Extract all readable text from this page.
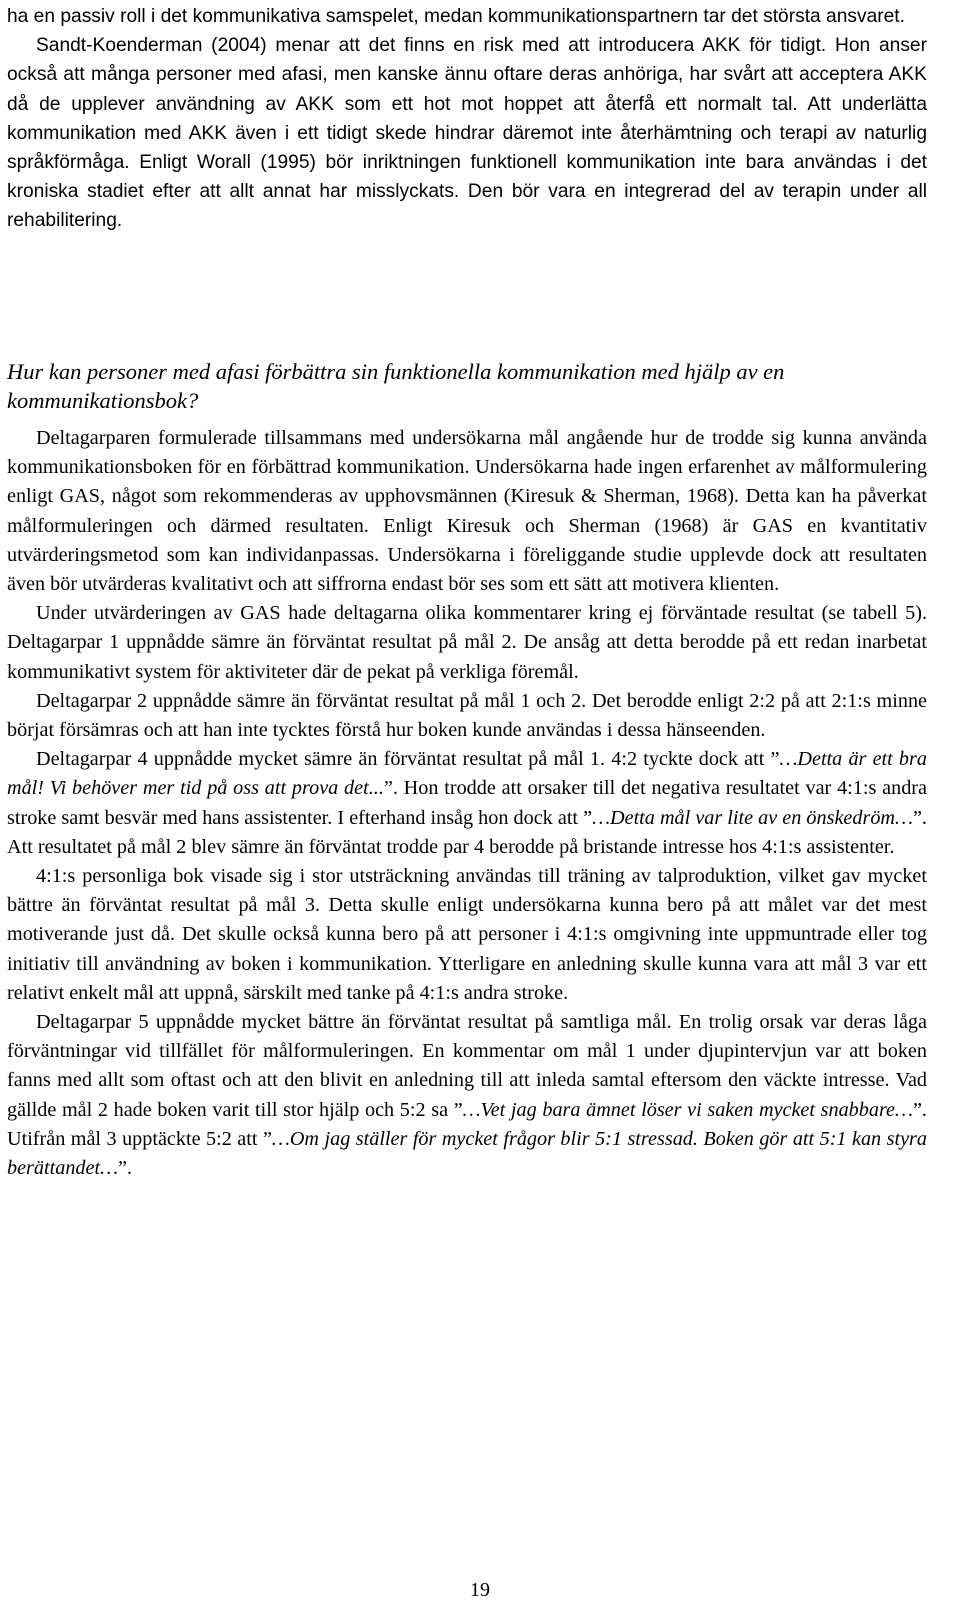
ha en passiv roll i det kommunikativa samspelet, medan kommunikationspartnern tar det största ansvaret.

Sandt-Koenderman (2004) menar att det finns en risk med att introducera AKK för tidigt. Hon anser också att många personer med afasi, men kanske ännu oftare deras anhöriga, har svårt att acceptera AKK då de upplever användning av AKK som ett hot mot hoppet att återfå ett normalt tal. Att underlätta kommunikation med AKK även i ett tidigt skede hindrar däremot inte återhämtning och terapi av naturlig språkförmåga. Enligt Worall (1995) bör inriktningen funktionell kommunikation inte bara användas i det kroniska stadiet efter att allt annat har misslyckats. Den bör vara en integrerad del av terapin under all rehabilitering.

Hur kan personer med afasi förbättra sin funktionella kommunikation med hjälp av en kommunikationsbok?

Deltagarparen formulerade tillsammans med undersökarna mål angående hur de trodde sig kunna använda kommunikationsboken för en förbättrad kommunikation. Undersökarna hade ingen erfarenhet av målformulering enligt GAS, något som rekommenderas av upphovsmännen (Kiresuk & Sherman, 1968). Detta kan ha påverkat målformuleringen och därmed resultaten. Enligt Kiresuk och Sherman (1968) är GAS en kvantitativ utvärderingsmetod som kan individanpassas. Undersökarna i föreliggande studie upplevde dock att resultaten även bör utvärderas kvalitativt och att siffrorna endast bör ses som ett sätt att motivera klienten.

Under utvärderingen av GAS hade deltagarna olika kommentarer kring ej förväntade resultat (se tabell 5). Deltagarpar 1 uppnådde sämre än förväntat resultat på mål 2. De ansåg att detta berodde på ett redan inarbetat kommunikativt system för aktiviteter där de pekat på verkliga föremål.

Deltagarpar 2 uppnådde sämre än förväntat resultat på mål 1 och 2. Det berodde enligt 2:2 på att 2:1:s minne börjat försämras och att han inte tycktes förstå hur boken kunde användas i dessa hänseenden.

Deltagarpar 4 uppnådde mycket sämre än förväntat resultat på mål 1. 4:2 tyckte dock att ”…Detta är ett bra mål! Vi behöver mer tid på oss att prova det...”. Hon trodde att orsaker till det negativa resultatet var 4:1:s andra stroke samt besvär med hans assistenter. I efterhand insåg hon dock att ”…Detta mål var lite av en önskedröm…”. Att resultatet på mål 2 blev sämre än förväntat trodde par 4 berodde på bristande intresse hos 4:1:s assistenter.

4:1:s personliga bok visade sig i stor utsträckning användas till träning av talproduktion, vilket gav mycket bättre än förväntat resultat på mål 3. Detta skulle enligt undersökarna kunna bero på att målet var det mest motiverande just då. Det skulle också kunna bero på att personer i 4:1:s omgivning inte uppmuntrade eller tog initiativ till användning av boken i kommunikation. Ytterligare en anledning skulle kunna vara att mål 3 var ett relativt enkelt mål att uppnå, särskilt med tanke på 4:1:s andra stroke.

Deltagarpar 5 uppnådde mycket bättre än förväntat resultat på samtliga mål. En trolig orsak var deras låga förväntningar vid tillfället för målformuleringen. En kommentar om mål 1 under djupintervjun var att boken fanns med allt som oftast och att den blivit en anledning till att inleda samtal eftersom den väckte intresse. Vad gällde mål 2 hade boken varit till stor hjälp och 5:2 sa ”…Vet jag bara ämnet löser vi saken mycket snabbare…”. Utifrån mål 3 upptäckte 5:2 att ”…Om jag ställer för mycket frågor blir 5:1 stressad. Boken gör att 5:1 kan styra berättandet…”.

19
